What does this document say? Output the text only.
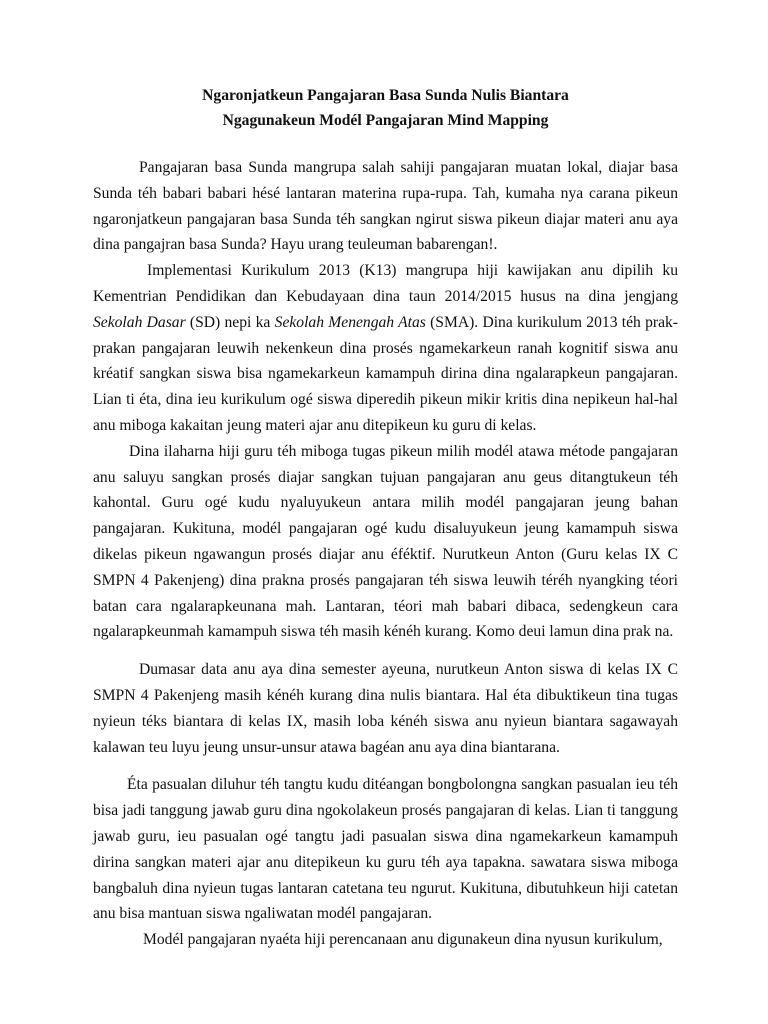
Ngaronjatkeun Pangajaran Basa Sunda Nulis Biantara

Ngagunakeun Modél Pangajaran Mind Mapping

Pangajaran basa Sunda mangrupa salah sahiji pangajaran muatan lokal, diajar basa Sunda téh babari babari hésé lantaran materina rupa-rupa. Tah, kumaha nya carana pikeun ngaronjatkeun pangajaran basa Sunda téh sangkan ngirut siswa pikeun diajar materi anu aya dina pangajran basa Sunda? Hayu urang teuleuman babarengan!.

Implementasi Kurikulum 2013 (K13) mangrupa hiji kawijakan anu dipilih ku Kementrian Pendidikan dan Kebudayaan dina taun 2014/2015 husus na dina jengjang Sekolah Dasar (SD) nepi ka Sekolah Menengah Atas (SMA). Dina kurikulum 2013 téh prak-prakan pangajaran leuwih nekenkeun dina prosés ngamekarkeun ranah kognitif siswa anu kréatif sangkan siswa bisa ngamekarkeun kamampuh dirina dina ngalarapkeun pangajaran. Lian ti éta, dina ieu kurikulum ogé siswa diperedih pikeun mikir kritis dina nepikeun hal-hal anu miboga kakaitan jeung materi ajar anu ditepikeun ku guru di kelas.

Dina ilaharna hiji guru téh miboga tugas pikeun milih modél atawa métode pangajaran anu saluyu sangkan prosés diajar sangkan tujuan pangajaran anu geus ditangtukeun téh kahontal. Guru ogé kudu nyaluyukeun antara milih modél pangajaran jeung bahan pangajaran. Kukituna, modél pangajaran ogé kudu disaluyukeun jeung kamampuh siswa dikelas pikeun ngawangun prosés diajar anu éféktif. Nurutkeun Anton (Guru kelas IX C SMPN 4 Pakenjeng) dina prakna prosés pangajaran téh siswa leuwih téréh nyangking téori batan cara ngalarapkeunana mah. Lantaran, téori mah babari dibaca, sedengkeun cara ngalarapkeunmah kamampuh siswa téh masih kénéh kurang. Komo deui lamun dina prak na.

Dumasar data anu aya dina semester ayeuna, nurutkeun Anton siswa di kelas IX C SMPN 4 Pakenjeng masih kénéh kurang dina nulis biantara. Hal éta dibuktikeun tina tugas nyieun téks biantara di kelas IX, masih loba kénéh siswa anu nyieun biantara sagawayah kalawan teu luyu jeung unsur-unsur atawa bagéan anu aya dina biantarana.

Éta pasualan diluhur téh tangtu kudu ditéangan bongbolongna sangkan pasualan ieu téh bisa jadi tanggung jawab guru dina ngokolakeun prosés pangajaran di kelas. Lian ti tanggung jawab guru, ieu pasualan ogé tangtu jadi pasualan siswa dina ngamekarkeun kamampuh dirina sangkan materi ajar anu ditepikeun ku guru téh aya tapakna. sawatara siswa miboga bangbaluh dina nyieun tugas lantaran catetana teu ngurut. Kukituna, dibutuhkeun hiji catetan anu bisa mantuan siswa ngaliwatan modél pangajaran.

Modél pangajaran nyaéta hiji perencanaan anu digunakeun dina nyusun kurikulum,
